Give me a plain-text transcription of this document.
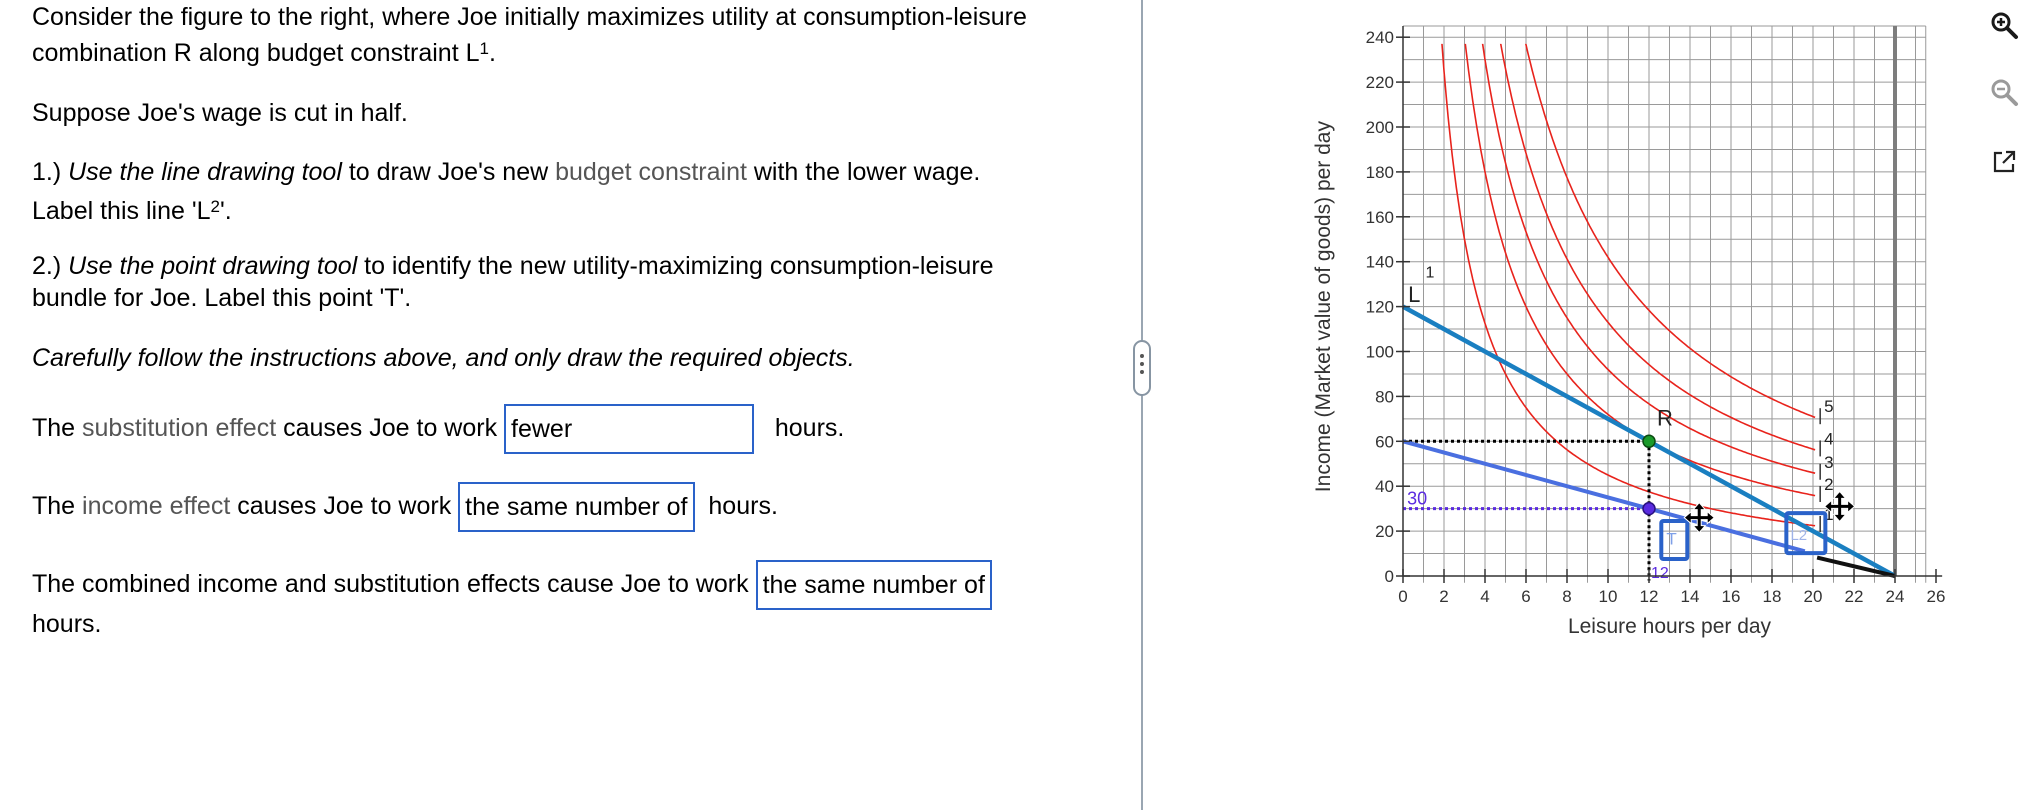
Consider the figure to the right, where Joe initially maximizes utility at consumption-leisure
combination R along budget constraint $L^1$.
Suppose Joe's wage is cut in half.
1.) Use the line drawing tool to draw Joe's new budget constraint with the lower wage.
Label this line '$L^2$'.
2.) Use the point drawing tool to identify the new utility-maximizing consumption-leisure
bundle for Joe. Label this point 'T'.
Carefully follow the instructions above, and only draw the required objects.
The substitution effect causes Joe to work fewer	hours.
The income effect causes Joe to work the same number of hours.
The combined income and substitution effects cause Joe to work the same number of
hours.
1
2
3
4
5
L
1
R
30
12
T	L2
0
20
40
60
80
100
120
140
160
180
200
220
240
0 2 4 6 8 10 12 14 16 18 20 22 24 26
Leisure hours per day
Income (Market value of goods) per day
